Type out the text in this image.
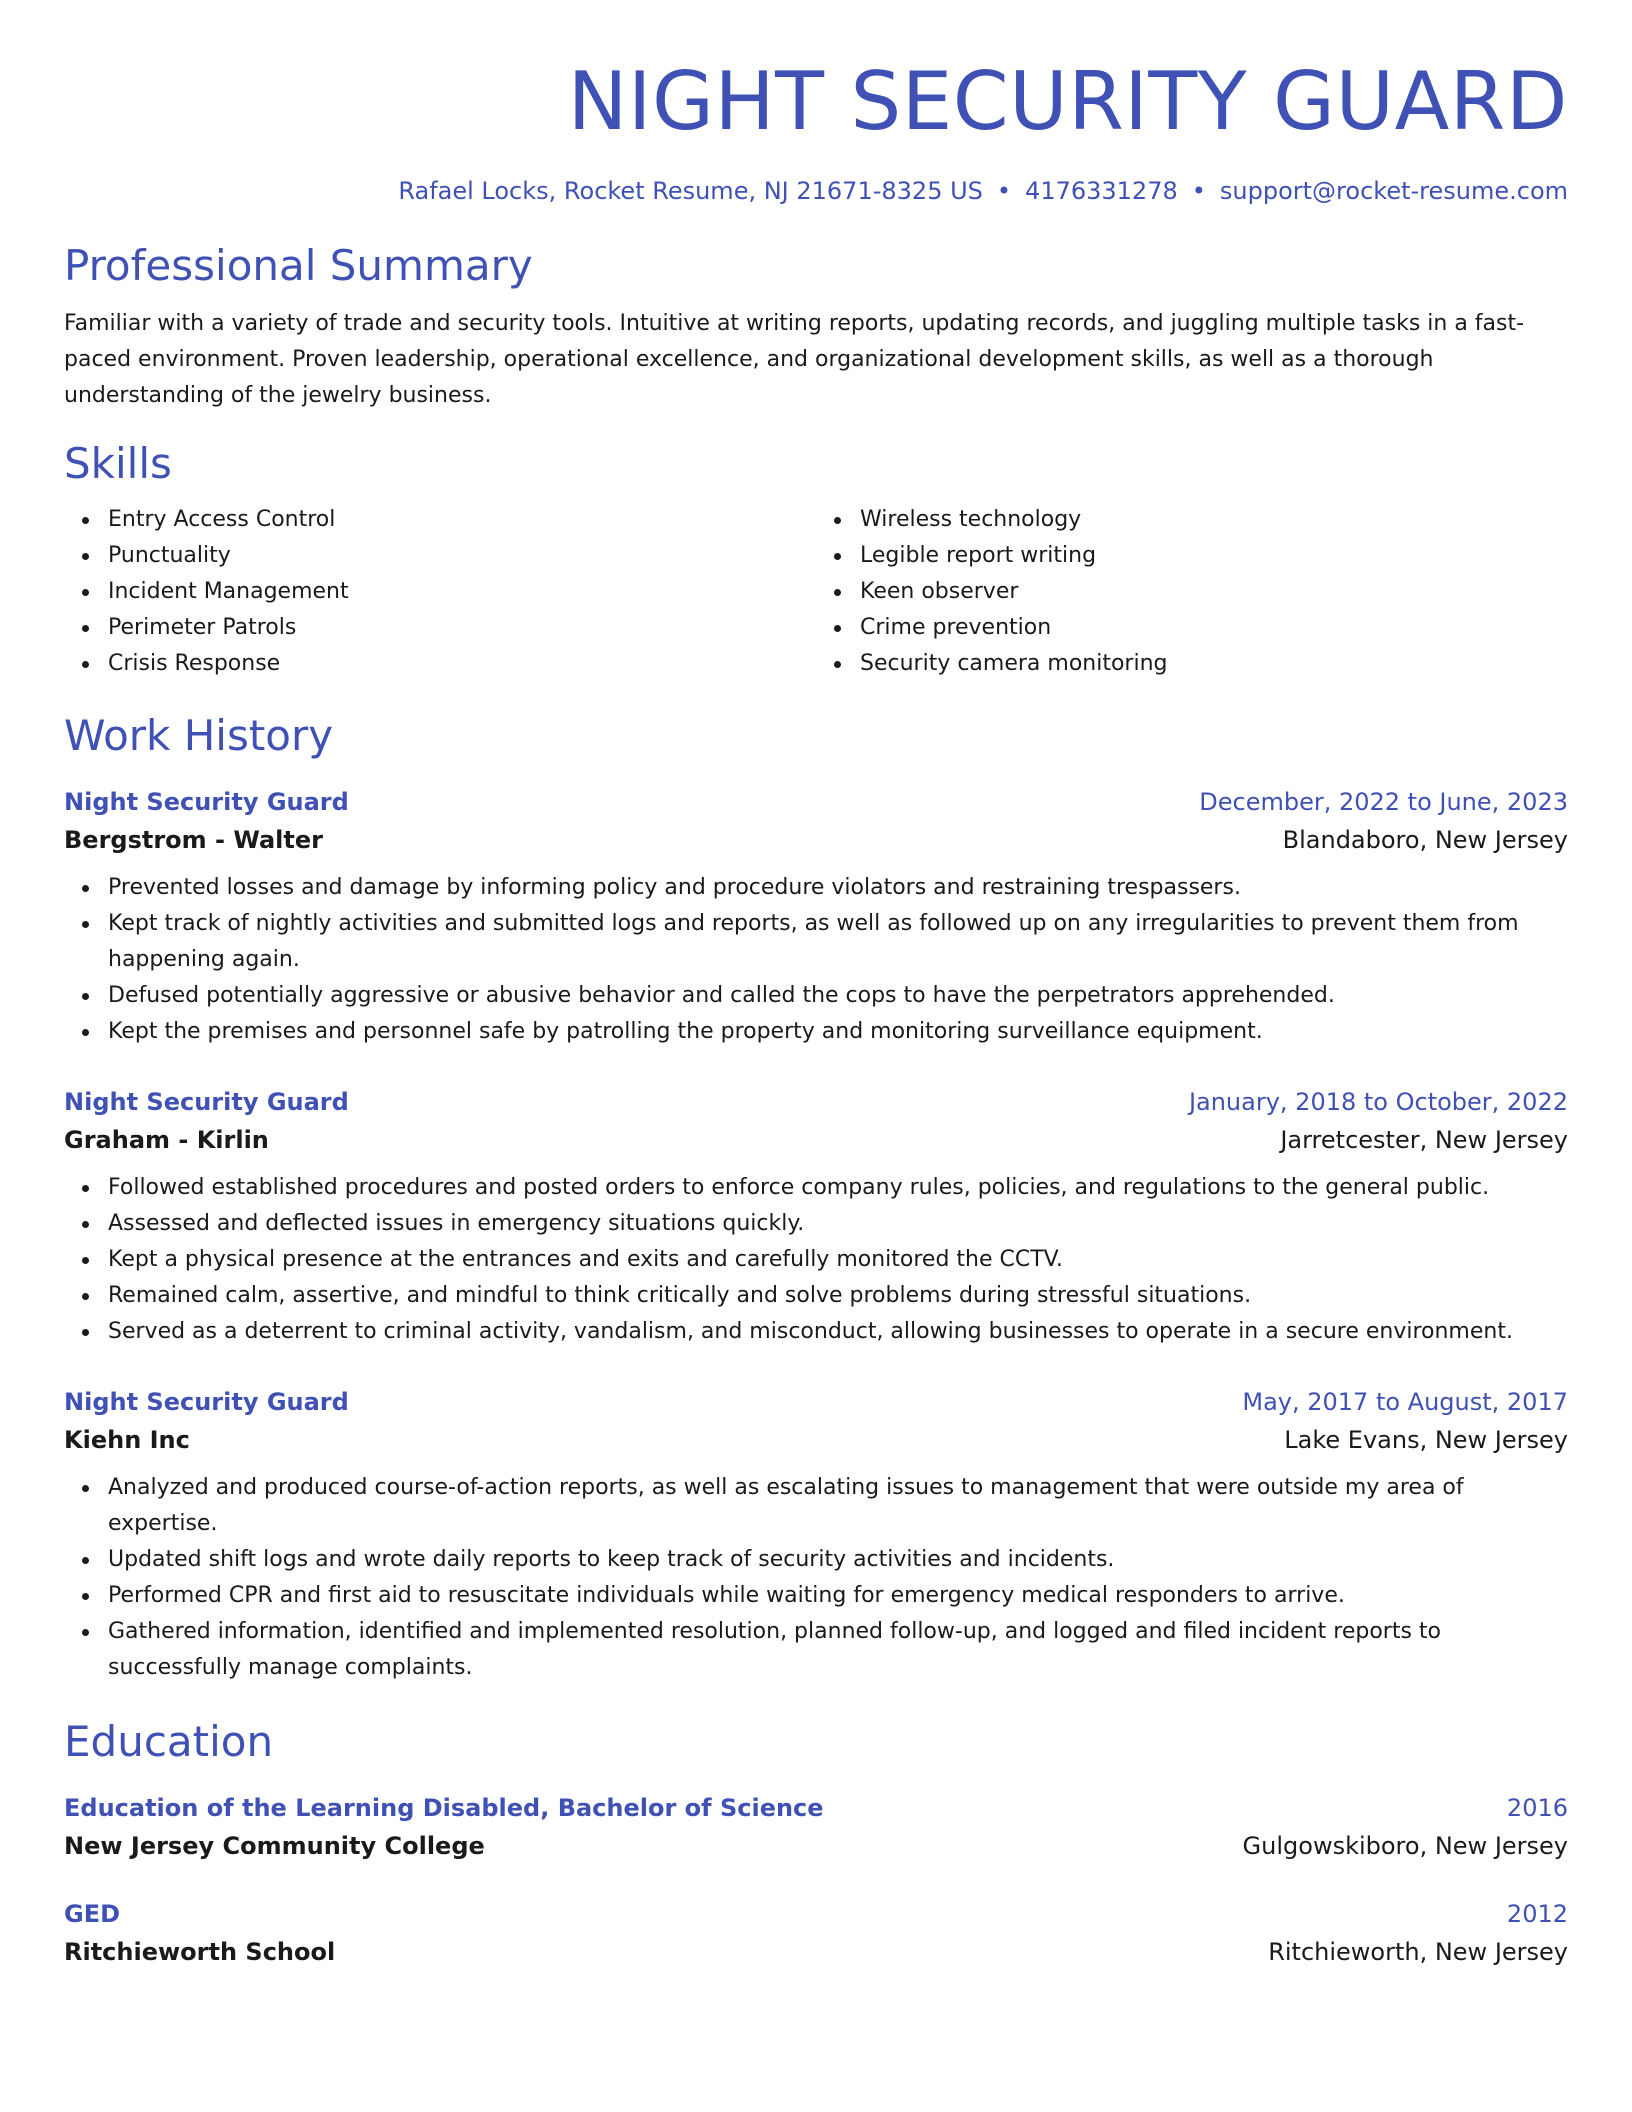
NIGHT SECURITY GUARD
Rafael Locks, Rocket Resume, NJ 21671-8325 US • 4176331278 • support@rocket-resume.com
Professional Summary

Familiar with a variety of trade and security tools. Intuitive at writing reports, updating records, and juggling multiple tasks in a fast-paced environment. Proven leadership, operational excellence, and organizational development skills, as well as a thorough understanding of the jewelry business.

Skills
Entry Access Control
Punctuality
Incident Management
Perimeter Patrols
Crisis Response
Wireless technology
Legible report writing
Keen observer
Crime prevention
Security camera monitoring
Work History
Night Security Guard	December, 2022 to June, 2023
Bergstrom - Walter	Blandaboro, New Jersey
Prevented losses and damage by informing policy and procedure violators and restraining trespassers.
Kept track of nightly activities and submitted logs and reports, as well as followed up on any irregularities to prevent them from happening again.
Defused potentially aggressive or abusive behavior and called the cops to have the perpetrators apprehended.
Kept the premises and personnel safe by patrolling the property and monitoring surveillance equipment.
Night Security Guard	January, 2018 to October, 2022
Graham - Kirlin	Jarretcester, New Jersey
Followed established procedures and posted orders to enforce company rules, policies, and regulations to the general public.
Assessed and deflected issues in emergency situations quickly.
Kept a physical presence at the entrances and exits and carefully monitored the CCTV.
Remained calm, assertive, and mindful to think critically and solve problems during stressful situations.
Served as a deterrent to criminal activity, vandalism, and misconduct, allowing businesses to operate in a secure environment.
Night Security Guard	May, 2017 to August, 2017
Kiehn Inc	Lake Evans, New Jersey
Analyzed and produced course-of-action reports, as well as escalating issues to management that were outside my area of expertise.
Updated shift logs and wrote daily reports to keep track of security activities and incidents.
Performed CPR and first aid to resuscitate individuals while waiting for emergency medical responders to arrive.
Gathered information, identified and implemented resolution, planned follow-up, and logged and filed incident reports to successfully manage complaints.
Education
Education of the Learning Disabled, Bachelor of Science	2016
New Jersey Community College	Gulgowskiboro, New Jersey
GED	2012
Ritchieworth School	Ritchieworth, New Jersey
